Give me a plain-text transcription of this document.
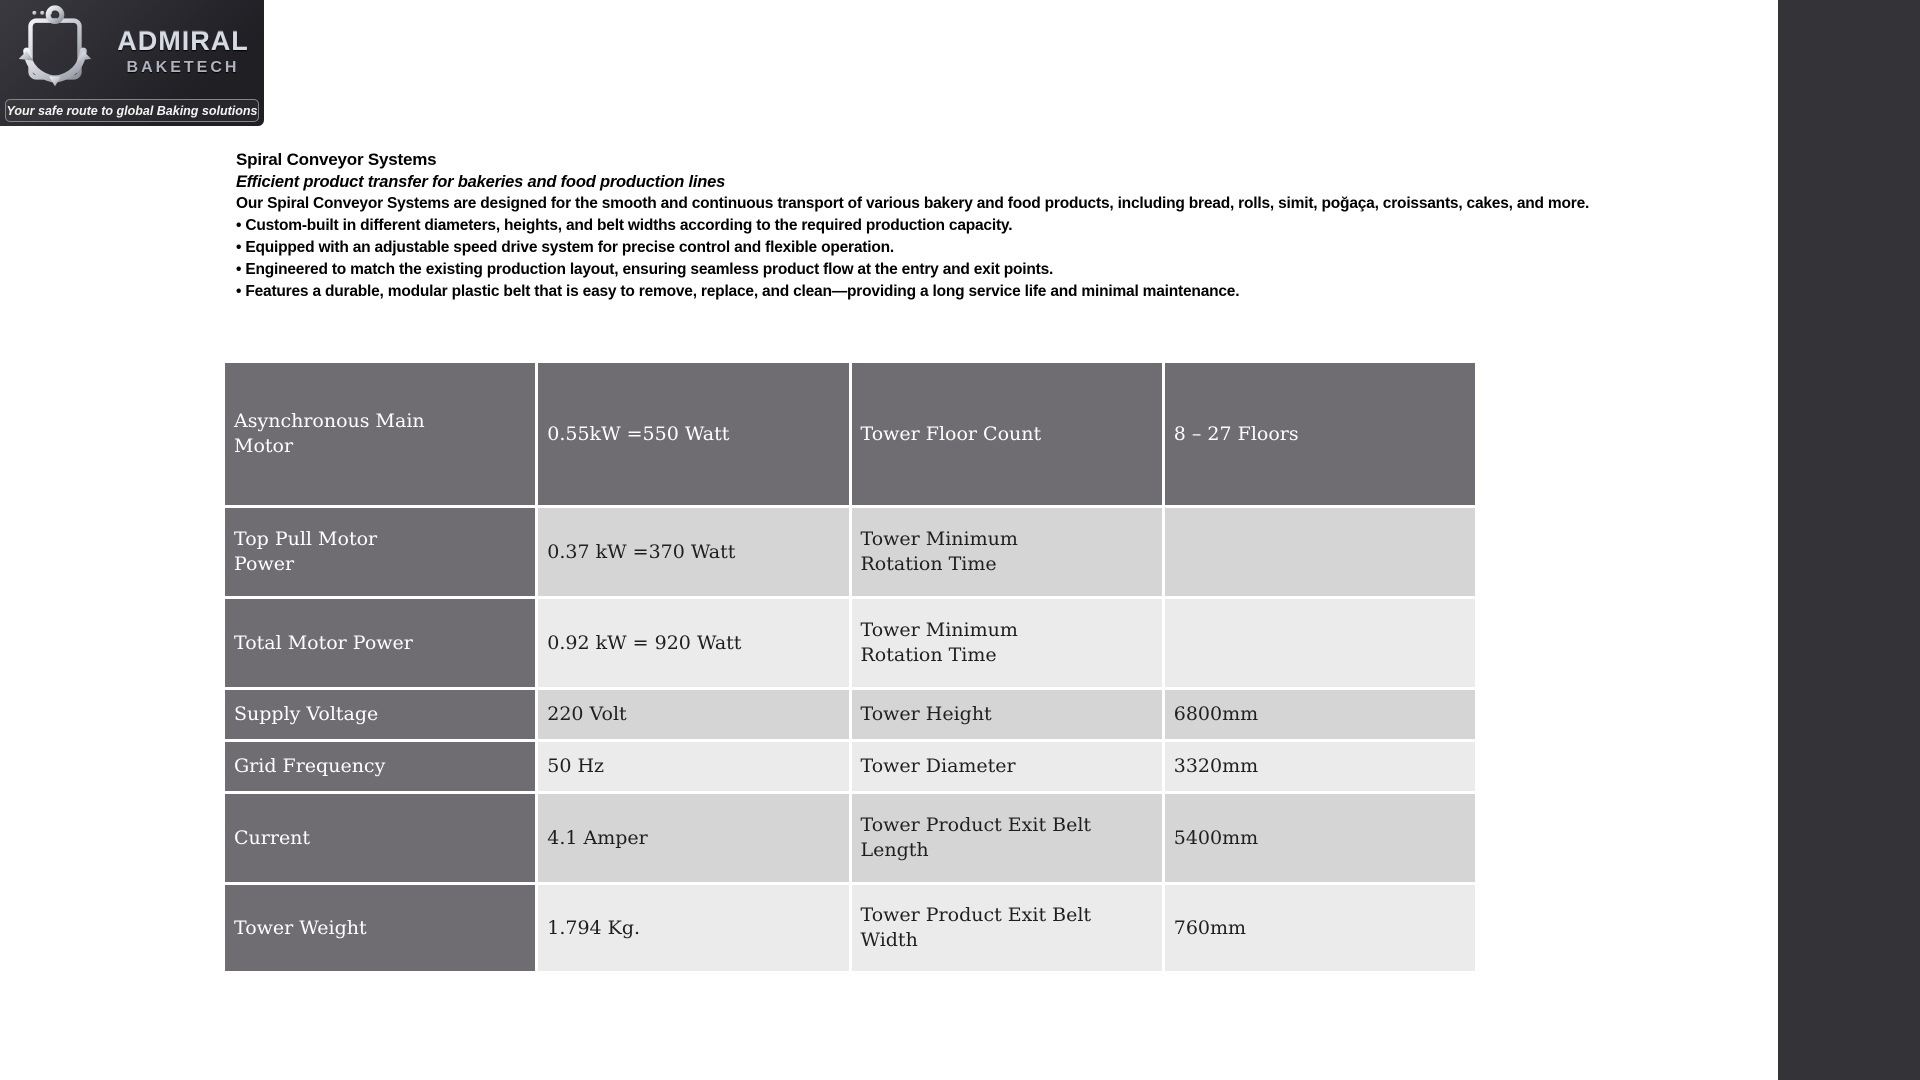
ADMIRAL
BAKETECH
Your safe route to global Baking solutions
Spiral Conveyor Systems
Efficient product transfer for bakeries and food production lines

Our Spiral Conveyor Systems are designed for the smooth and continuous transport of various bakery and food products, including bread, rolls, simit, poğaça, croissants, cakes, and more.

• Custom-built in different diameters, heights, and belt widths according to the required production capacity.
• Equipped with an adjustable speed drive system for precise control and flexible operation.
• Engineered to match the existing production layout, ensuring seamless product flow at the entry and exit points.
• Features a durable, modular plastic belt that is easy to remove, replace, and clean—providing a long service life and minimal maintenance.
Asynchronous Main Motor	0.55kW =550 Watt	Tower Floor Count	8 – 27 Floors
Top Pull Motor Power	0.37 kW =370 Watt	Tower Minimum Rotation Time	
Total Motor Power	0.92 kW = 920 Watt	Tower Minimum Rotation Time	
Supply Voltage	220 Volt	Tower Height	6800mm
Grid Frequency	50 Hz	Tower Diameter	3320mm
Current	4.1 Amper	Tower Product Exit Belt Length	5400mm
Tower Weight	1.794 Kg.	Tower Product Exit Belt Width	760mm
